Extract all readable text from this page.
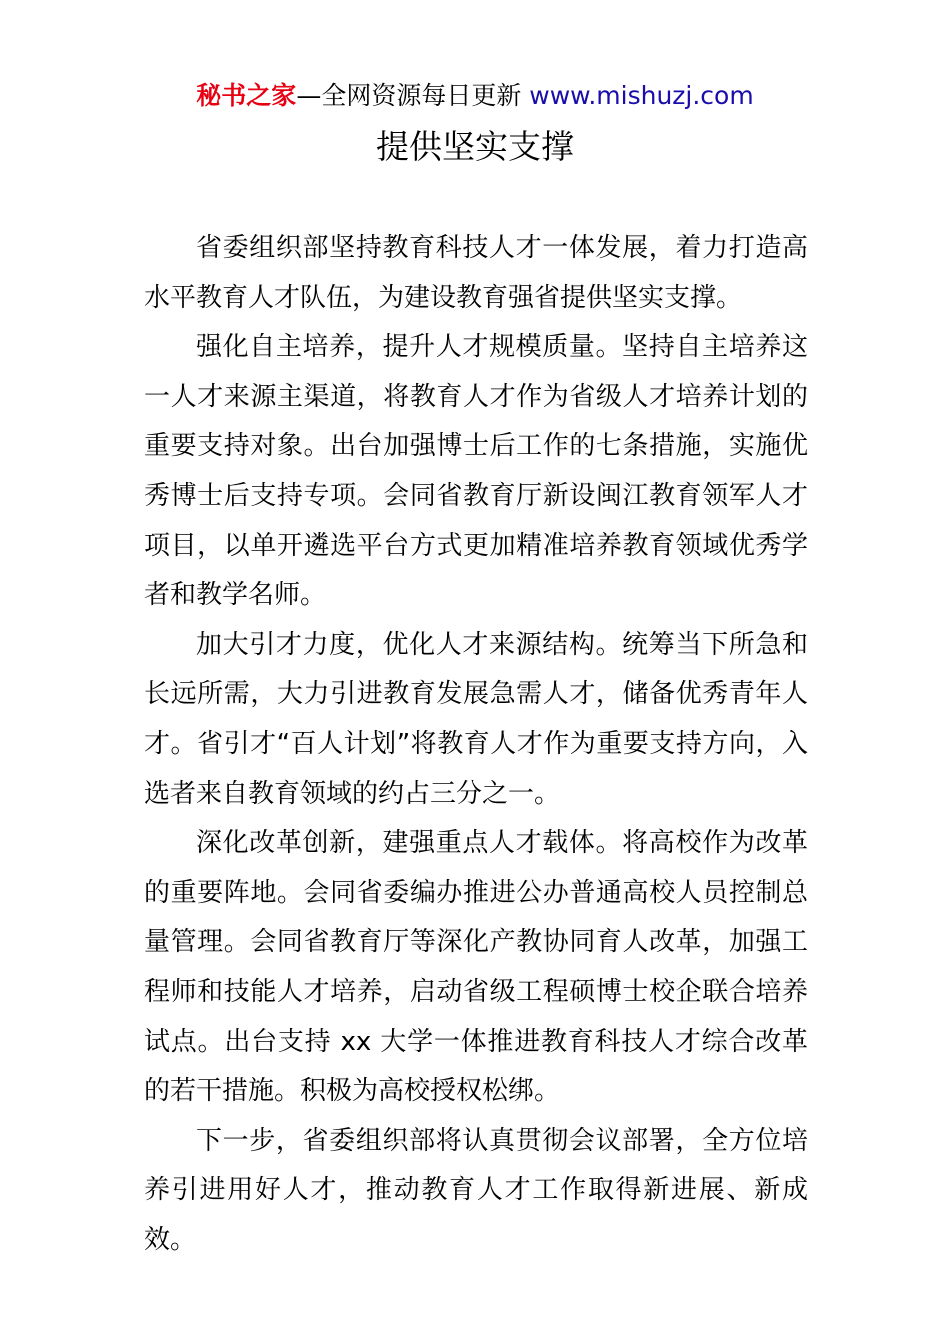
秘书之家—全网资源每日更新 www.mishuzj.com
提供坚实支撑

省委组织部坚持教育科技人才一体发展，着力打造高水平教育人才队伍，为建设教育强省提供坚实支撑。

强化自主培养，提升人才规模质量。坚持自主培养这一人才来源主渠道，将教育人才作为省级人才培养计划的重要支持对象。出台加强博士后工作的七条措施，实施优秀博士后支持专项。会同省教育厅新设闽江教育领军人才项目，以单开遴选平台方式更加精准培养教育领域优秀学者和教学名师。

加大引才力度，优化人才来源结构。统筹当下所急和长远所需，大力引进教育发展急需人才，储备优秀青年人才。省引才“百人计划”将教育人才作为重要支持方向，入选者来自教育领域的约占三分之一。

深化改革创新，建强重点人才载体。将高校作为改革的重要阵地。会同省委编办推进公办普通高校人员控制总量管理。会同省教育厅等深化产教协同育人改革，加强工程师和技能人才培养，启动省级工程硕博士校企联合培养试点。出台支持 xx 大学一体推进教育科技人才综合改革的若干措施。积极为高校授权松绑。

下一步，省委组织部将认真贯彻会议部署，全方位培养引进用好人才，推动教育人才工作取得新进展、新成效。
